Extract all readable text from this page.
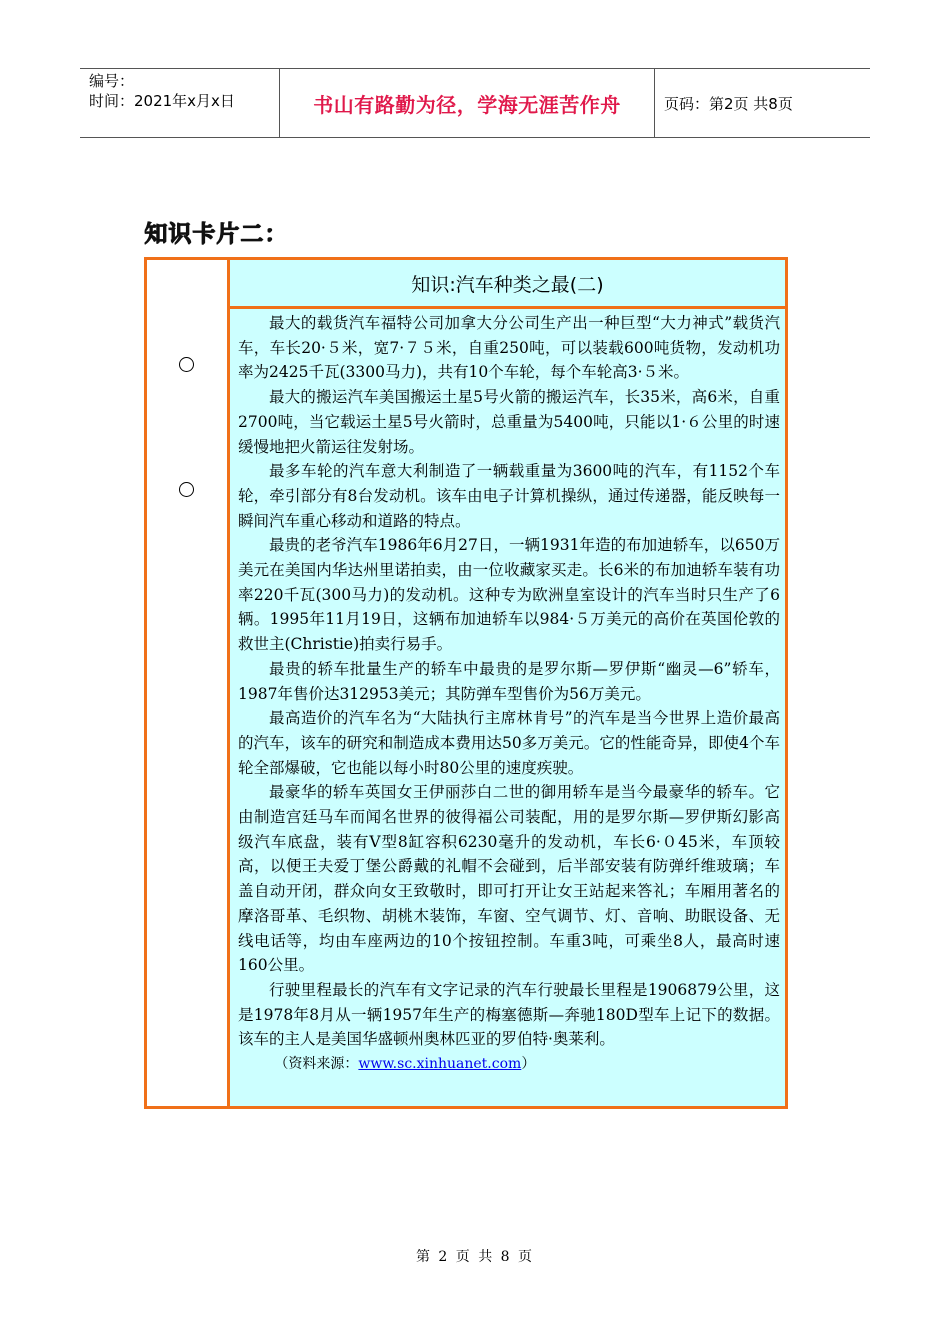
编号：
时间：2021年x月x日	书山有路勤为径，学海无涯苦作舟	页码：第2页 共8页
知识卡片二：
知识:汽车种类之最(二)

最大的载货汽车福特公司加拿大分公司生产出一种巨型“大力神式”载货汽车，车长20·５米，宽7·７５米，自重250吨，可以装载600吨货物，发动机功率为2425千瓦(3300马力)，共有10个车轮，每个车轮高3·５米。

最大的搬运汽车美国搬运土星5号火箭的搬运汽车，长35米，高6米，自重2700吨，当它载运土星5号火箭时，总重量为5400吨，只能以1·６公里的时速缓慢地把火箭运往发射场。

最多车轮的汽车意大利制造了一辆载重量为3600吨的汽车，有1152个车轮，牵引部分有8台发动机。该车由电子计算机操纵，通过传递器，能反映每一瞬间汽车重心移动和道路的特点。

最贵的老爷汽车1986年6月27日，一辆1931年造的布加迪轿车，以650万美元在美国内华达州里诺拍卖，由一位收藏家买走。长6米的布加迪轿车装有功率220千瓦(300马力)的发动机。这种专为欧洲皇室设计的汽车当时只生产了6辆。1995年11月19日，这辆布加迪轿车以984·５万美元的高价在英国伦敦的救世主(Christie)拍卖行易手。

最贵的轿车批量生产的轿车中最贵的是罗尔斯—罗伊斯“幽灵—6”轿车，1987年售价达312953美元；其防弹车型售价为56万美元。

最高造价的汽车名为“大陆执行主席林肯号”的汽车是当今世界上造价最高的汽车，该车的研究和制造成本费用达50多万美元。它的性能奇异，即使4个车轮全部爆破，它也能以每小时80公里的速度疾驶。

最豪华的轿车英国女王伊丽莎白二世的御用轿车是当今最豪华的轿车。它由制造宫廷马车而闻名世界的彼得福公司装配，用的是罗尔斯—罗伊斯幻影高级汽车底盘，装有V型8缸容积6230毫升的发动机，车长6·０45米，车顶较高，以便王夫爱丁堡公爵戴的礼帽不会碰到，后半部安装有防弹纤维玻璃；车盖自动开闭，群众向女王致敬时，即可打开让女王站起来答礼；车厢用著名的摩洛哥革、毛织物、胡桃木装饰，车窗、空气调节、灯、音响、助眠设备、无线电话等，均由车座两边的10个按钮控制。车重3吨，可乘坐8人，最高时速160公里。

行驶里程最长的汽车有文字记录的汽车行驶最长里程是1906879公里，这是1978年8月从一辆1957年生产的梅塞德斯—奔驰180D型车上记下的数据。该车的主人是美国华盛顿州奥林匹亚的罗伯特·奥莱利。

（资料来源：www.sc.xinhuanet.com）

第 2 页 共 8 页
